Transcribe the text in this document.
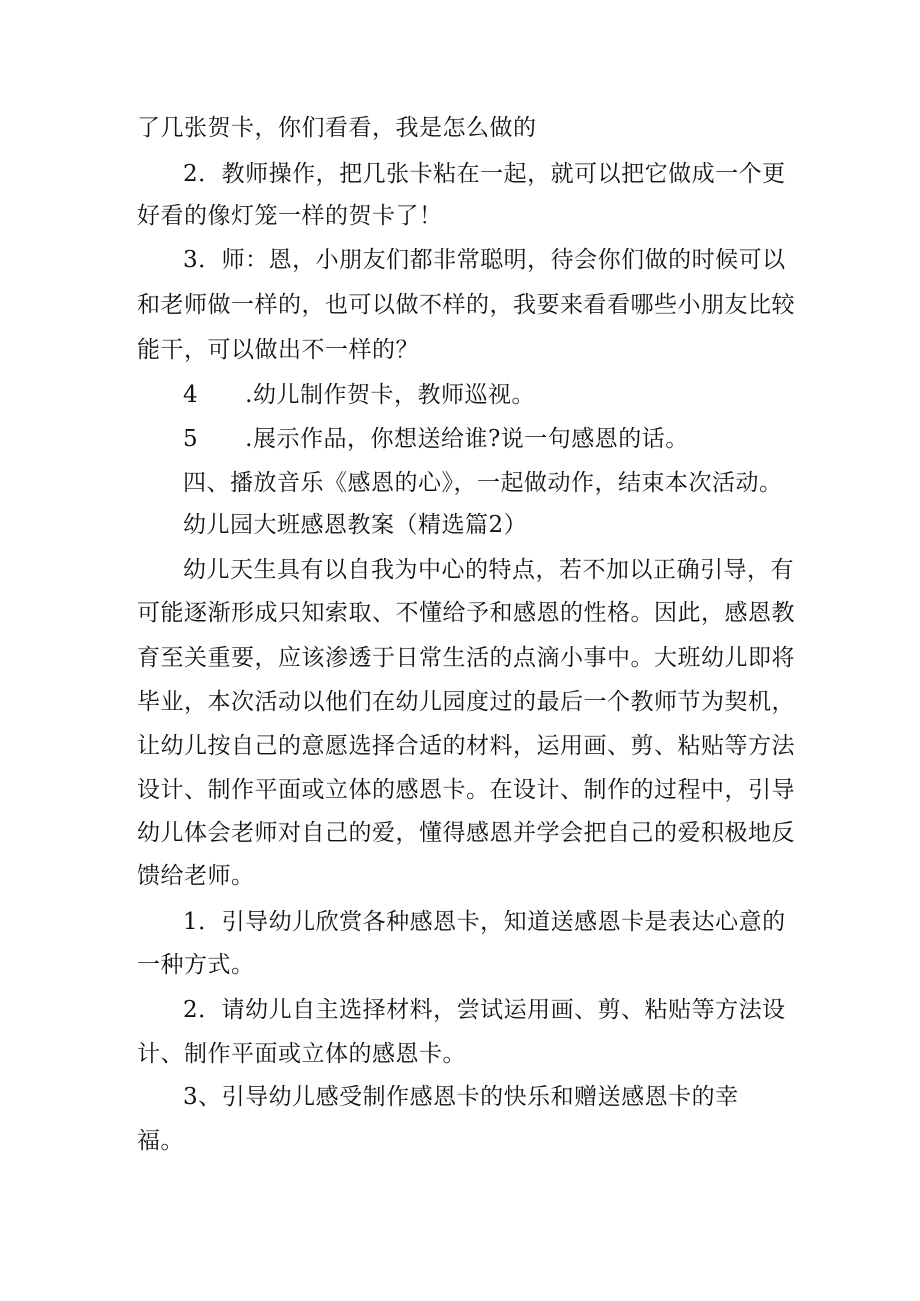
了几张贺卡，你们看看，我是怎么做的
2．教师操作，把几张卡粘在一起，就可以把它做成一个更
好看的像灯笼一样的贺卡了！
3．师：恩，小朋友们都非常聪明，待会你们做的时候可以
和老师做一样的，也可以做不样的，我要来看看哪些小朋友比较
能干，可以做出不一样的？
4　　.幼儿制作贺卡，教师巡视。
5　　.展示作品，你想送给谁?说一句感恩的话。
四、播放音乐《感恩的心》，一起做动作，结束本次活动。
幼儿园大班感恩教案（精选篇2）
幼儿天生具有以自我为中心的特点，若不加以正确引导，有
可能逐渐形成只知索取、不懂给予和感恩的性格。因此，感恩教
育至关重要，应该渗透于日常生活的点滴小事中。大班幼儿即将
毕业，本次活动以他们在幼儿园度过的最后一个教师节为契机，
让幼儿按自己的意愿选择合适的材料，运用画、剪、粘贴等方法
设计、制作平面或立体的感恩卡。在设计、制作的过程中，引导
幼儿体会老师对自己的爱，懂得感恩并学会把自己的爱积极地反
馈给老师。
1．引导幼儿欣赏各种感恩卡，知道送感恩卡是表达心意的
一种方式。
2．请幼儿自主选择材料，尝试运用画、剪、粘贴等方法设
计、制作平面或立体的感恩卡。
3、引导幼儿感受制作感恩卡的快乐和赠送感恩卡的幸
福。
